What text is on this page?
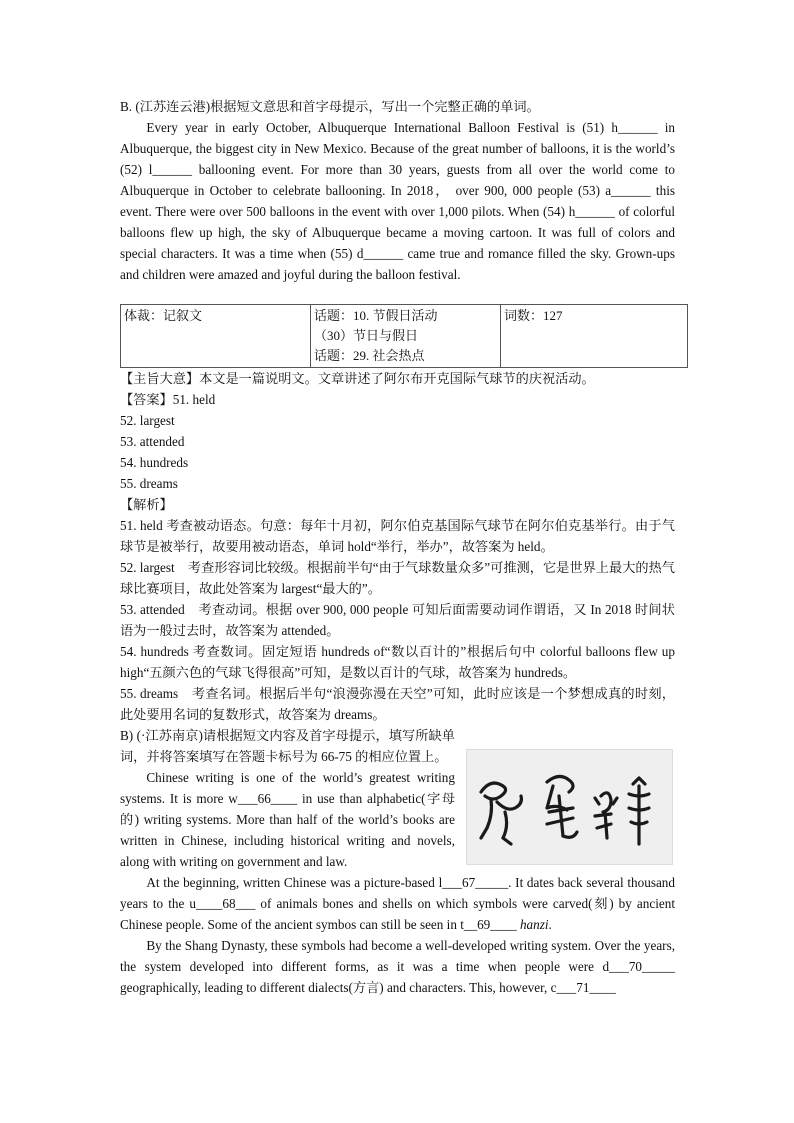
B. (江苏连云港)根据短文意思和首字母提示，写出一个完整正确的单词。

Every year in early October, Albuquerque International Balloon Festival is (51) h______ in Albuquerque, the biggest city in New Mexico. Because of the great number of balloons, it is the world’s (52) l______ ballooning event. For more than 30 years, guests from all over the world come to Albuquerque in October to celebrate ballooning. In 2018， over 900, 000 people (53) a______ this event. There were over 500 balloons in the event with over 1,000 pilots. When (54) h______ of colorful balloons flew up high, the sky of Albuquerque became a moving cartoon. It was full of colors and special characters. It was a time when (55) d______ came true and romance filled the sky. Grown-ups and children were amazed and joyful during the balloon festival.

体裁：记叙文	话题：10. 节假日活动
（30）节日与假日
话题：29. 社会热点
	词数：127

【主旨大意】本文是一篇说明文。文章讲述了阿尔布开克国际气球节的庆祝活动。

【答案】51. held

52. largest

53. attended

54. hundreds

55. dreams

【解析】

51. held 考查被动语态。句意：每年十月初，阿尔伯克基国际气球节在阿尔伯克基举行。由于气球节是被举行，故要用被动语态，单词 hold“举行，举办”，故答案为 held。

52. largest　考查形容词比较级。根据前半句“由于气球数量众多”可推测，它是世界上最大的热气球比赛项目，故此处答案为 largest“最大的”。

53. attended　考查动词。根据 over 900, 000 people 可知后面需要动词作谓语，又 In 2018 时间状语为一般过去时，故答案为 attended。

54. hundreds 考查数词。固定短语 hundreds of“数以百计的”根据后句中 colorful balloons flew up high“五颜六色的气球飞得很高”可知，是数以百计的气球，故答案为 hundreds。

55. dreams　考查名词。根据后半句“浪漫弥漫在天空”可知，此时应该是一个梦想成真的时刻，此处要用名词的复数形式，故答案为 dreams。

B) (·江苏南京)请根据短文内容及首字母提示，填写所缺单词，并将答案填写在答题卡标号为 66-75 的相应位置上。

Chinese writing is one of the world’s greatest writing systems. It is more w___66____ in use than alphabetic(字母的) writing systems. More than half of the world’s books are written in Chinese, including historical writing and novels, along with writing on government and law.

At the beginning, written Chinese was a picture-based l___67_____. It dates back several thousand years to the u____68___ of animals bones and shells on which symbols were carved(刻) by ancient Chinese people. Some of the ancient symbos can still be seen in t__69____ hanzi.

By the Shang Dynasty, these symbols had become a well-developed writing system. Over the years, the system developed into different forms, as it was a time when people were d___70_____ geographically, leading to different dialects(方言) and characters. This, however, c___71____
